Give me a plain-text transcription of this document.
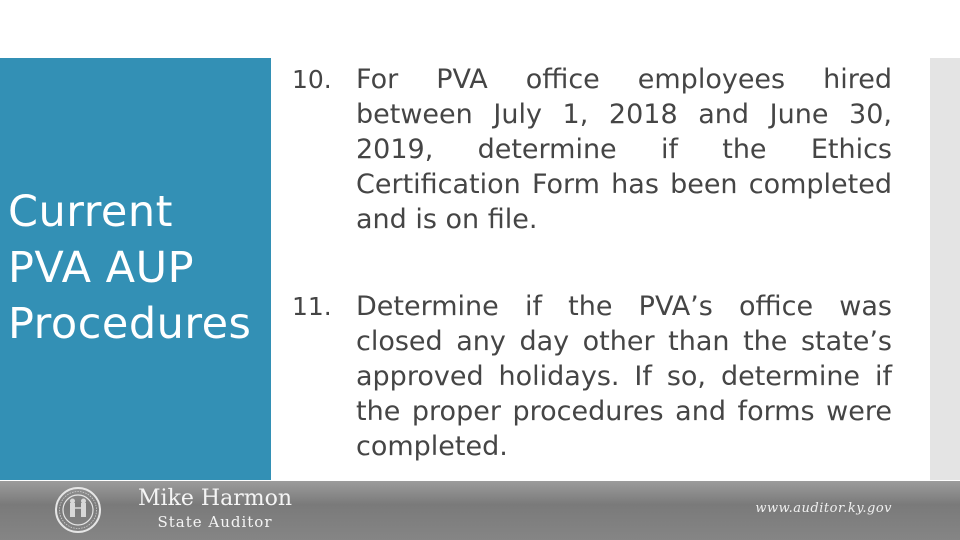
Current
PVA AUP
Procedures
10. For PVA office employees hired between July 1, 2018 and June 30, 2019, determine if the Ethics Certification Form has been completed and is on file.
11. Determine if the PVA’s office was closed any day other than the state’s approved holidays. If so, determine if the proper procedures and forms were completed.
Mike Harmon
State Auditor
www.auditor.ky.gov
